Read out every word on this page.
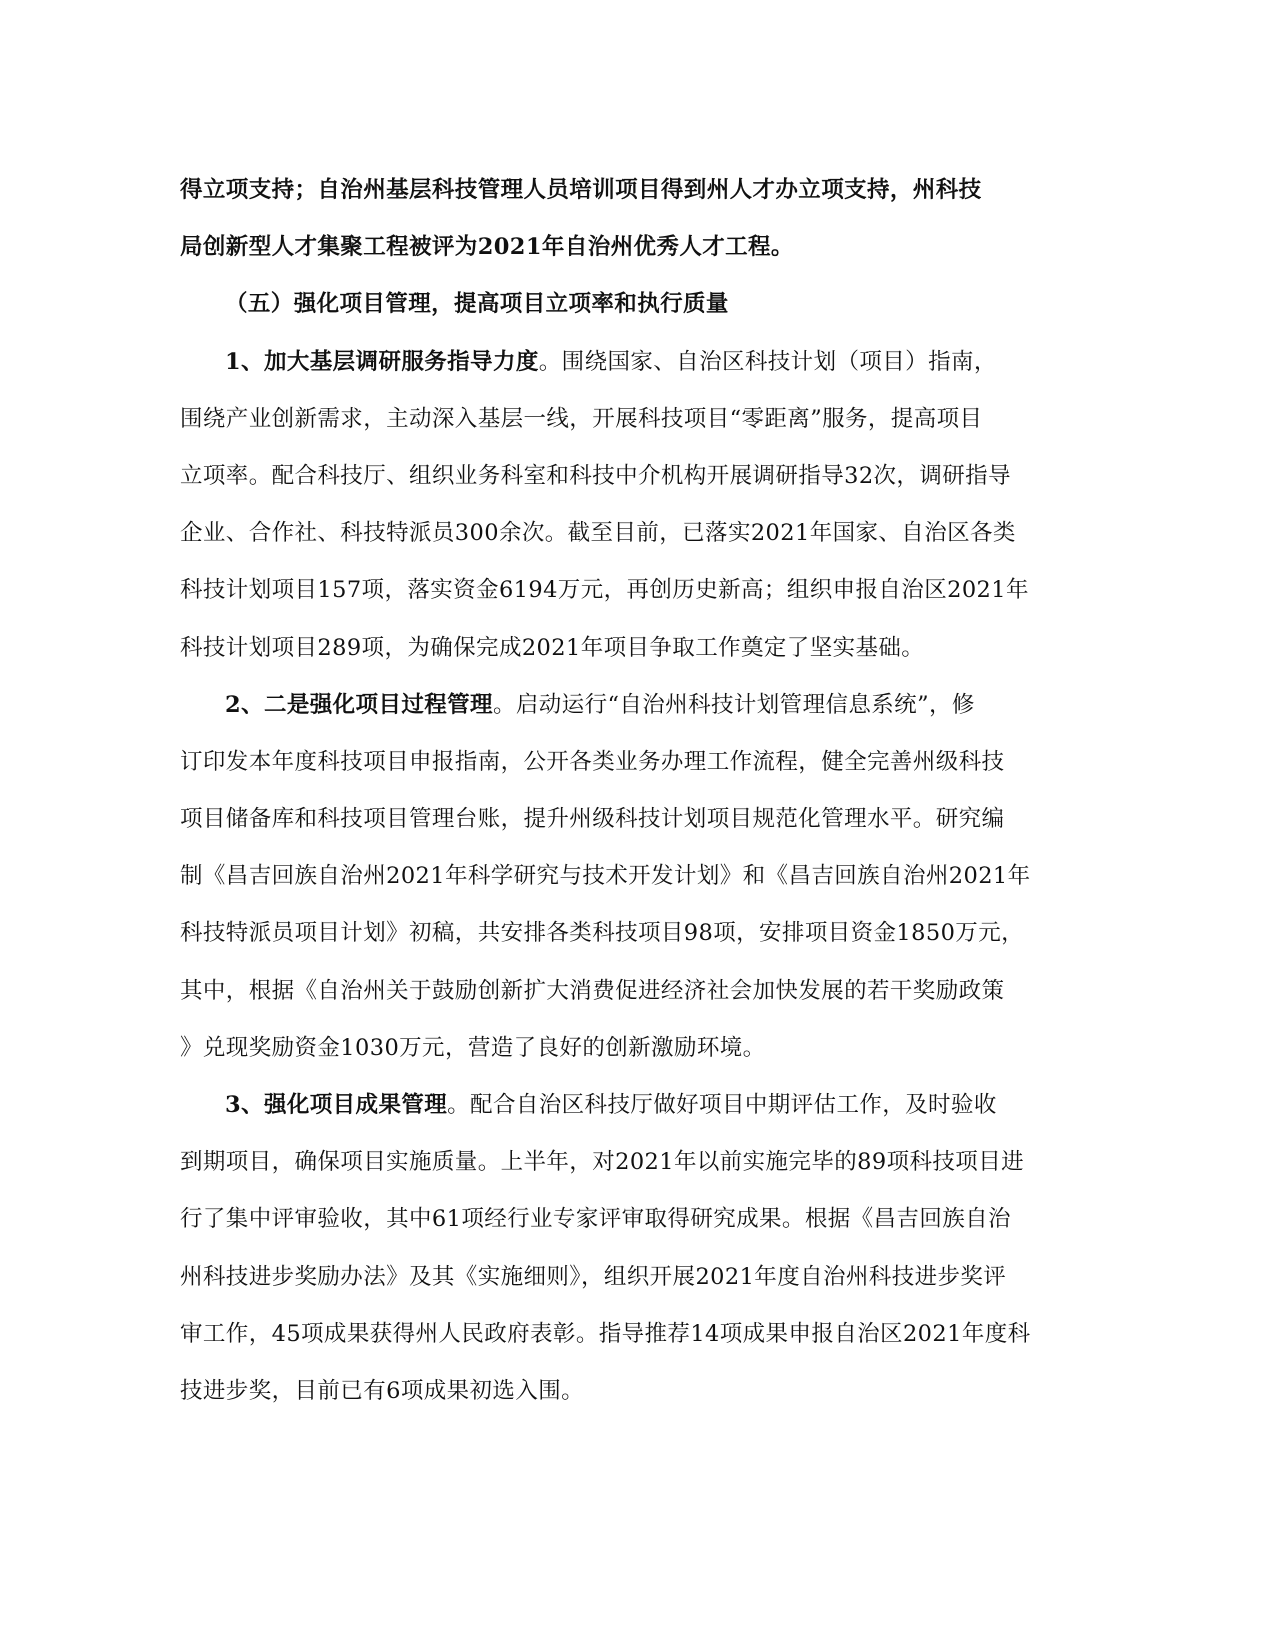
得立项支持；自治州基层科技管理人员培训项目得到州人才办立项支持，州科技
局创新型人才集聚工程被评为2021年自治州优秀人才工程。
（五）强化项目管理，提高项目立项率和执行质量
1、加大基层调研服务指导力度。围绕国家、自治区科技计划（项目）指南，
围绕产业创新需求，主动深入基层一线，开展科技项目“零距离”服务，提高项目
立项率。配合科技厅、组织业务科室和科技中介机构开展调研指导32次，调研指导
企业、合作社、科技特派员300余次。截至目前，已落实2021年国家、自治区各类
科技计划项目157项，落实资金6194万元，再创历史新高；组织申报自治区2021年
科技计划项目289项，为确保完成2021年项目争取工作奠定了坚实基础。
2、二是强化项目过程管理。启动运行“自治州科技计划管理信息系统”，修
订印发本年度科技项目申报指南，公开各类业务办理工作流程，健全完善州级科技
项目储备库和科技项目管理台账，提升州级科技计划项目规范化管理水平。研究编
制《昌吉回族自治州2021年科学研究与技术开发计划》和《昌吉回族自治州2021年
科技特派员项目计划》初稿，共安排各类科技项目98项，安排项目资金1850万元，
其中，根据《自治州关于鼓励创新扩大消费促进经济社会加快发展的若干奖励政策
》兑现奖励资金1030万元，营造了良好的创新激励环境。
3、强化项目成果管理。配合自治区科技厅做好项目中期评估工作，及时验收
到期项目，确保项目实施质量。上半年，对2021年以前实施完毕的89项科技项目进
行了集中评审验收，其中61项经行业专家评审取得研究成果。根据《昌吉回族自治
州科技进步奖励办法》及其《实施细则》，组织开展2021年度自治州科技进步奖评
审工作，45项成果获得州人民政府表彰。指导推荐14项成果申报自治区2021年度科
技进步奖，目前已有6项成果初选入围。
